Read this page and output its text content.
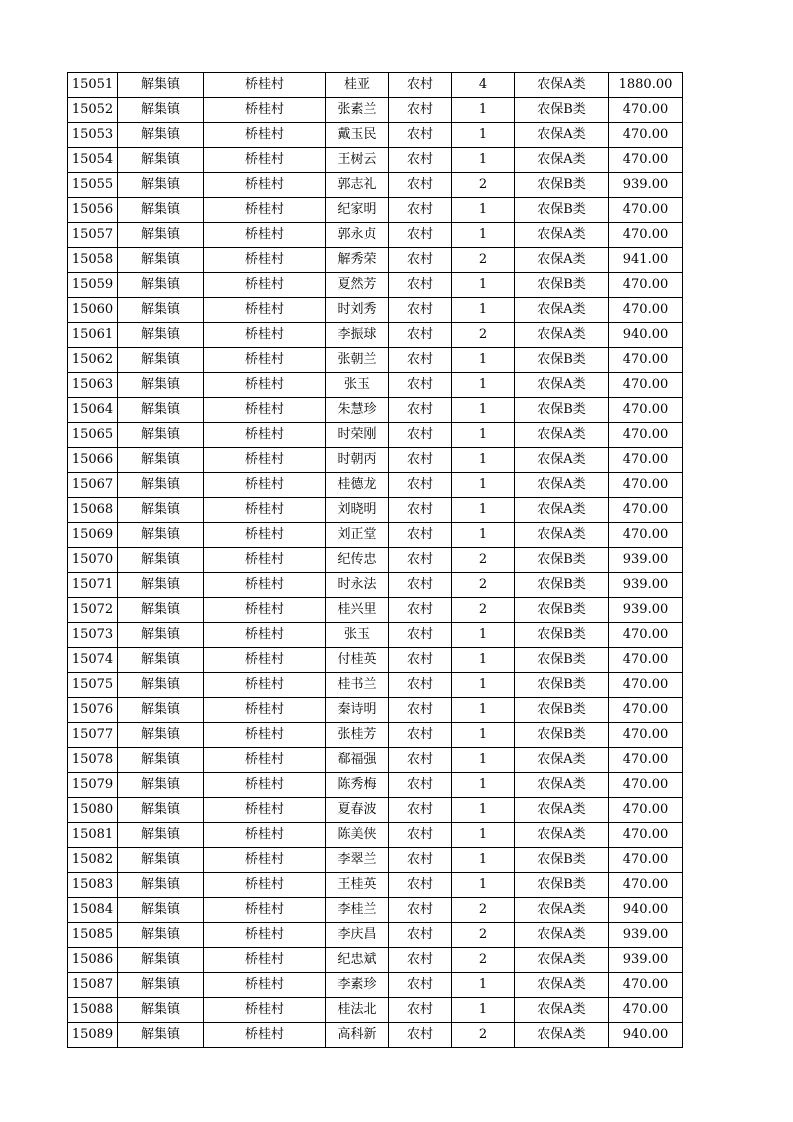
15051	解集镇	桥桂村	桂亚	农村	4	农保A类	1880.00
15052	解集镇	桥桂村	张素兰	农村	1	农保B类	470.00
15053	解集镇	桥桂村	戴玉民	农村	1	农保A类	470.00
15054	解集镇	桥桂村	王树云	农村	1	农保A类	470.00
15055	解集镇	桥桂村	郭志礼	农村	2	农保B类	939.00
15056	解集镇	桥桂村	纪家明	农村	1	农保B类	470.00
15057	解集镇	桥桂村	郭永贞	农村	1	农保A类	470.00
15058	解集镇	桥桂村	解秀荣	农村	2	农保A类	941.00
15059	解集镇	桥桂村	夏然芳	农村	1	农保B类	470.00
15060	解集镇	桥桂村	时刘秀	农村	1	农保A类	470.00
15061	解集镇	桥桂村	李振球	农村	2	农保A类	940.00
15062	解集镇	桥桂村	张朝兰	农村	1	农保B类	470.00
15063	解集镇	桥桂村	张玉	农村	1	农保A类	470.00
15064	解集镇	桥桂村	朱慧珍	农村	1	农保B类	470.00
15065	解集镇	桥桂村	时荣刚	农村	1	农保A类	470.00
15066	解集镇	桥桂村	时朝丙	农村	1	农保A类	470.00
15067	解集镇	桥桂村	桂德龙	农村	1	农保A类	470.00
15068	解集镇	桥桂村	刘晓明	农村	1	农保A类	470.00
15069	解集镇	桥桂村	刘正堂	农村	1	农保A类	470.00
15070	解集镇	桥桂村	纪传忠	农村	2	农保B类	939.00
15071	解集镇	桥桂村	时永法	农村	2	农保B类	939.00
15072	解集镇	桥桂村	桂兴里	农村	2	农保B类	939.00
15073	解集镇	桥桂村	张玉	农村	1	农保B类	470.00
15074	解集镇	桥桂村	付桂英	农村	1	农保B类	470.00
15075	解集镇	桥桂村	桂书兰	农村	1	农保B类	470.00
15076	解集镇	桥桂村	秦诗明	农村	1	农保B类	470.00
15077	解集镇	桥桂村	张桂芳	农村	1	农保B类	470.00
15078	解集镇	桥桂村	郗福强	农村	1	农保A类	470.00
15079	解集镇	桥桂村	陈秀梅	农村	1	农保A类	470.00
15080	解集镇	桥桂村	夏春波	农村	1	农保A类	470.00
15081	解集镇	桥桂村	陈美侠	农村	1	农保A类	470.00
15082	解集镇	桥桂村	李翠兰	农村	1	农保B类	470.00
15083	解集镇	桥桂村	王桂英	农村	1	农保B类	470.00
15084	解集镇	桥桂村	李桂兰	农村	2	农保A类	940.00
15085	解集镇	桥桂村	李庆昌	农村	2	农保A类	939.00
15086	解集镇	桥桂村	纪忠斌	农村	2	农保A类	939.00
15087	解集镇	桥桂村	李素珍	农村	1	农保A类	470.00
15088	解集镇	桥桂村	桂法北	农村	1	农保A类	470.00
15089	解集镇	桥桂村	高科新	农村	2	农保A类	940.00
